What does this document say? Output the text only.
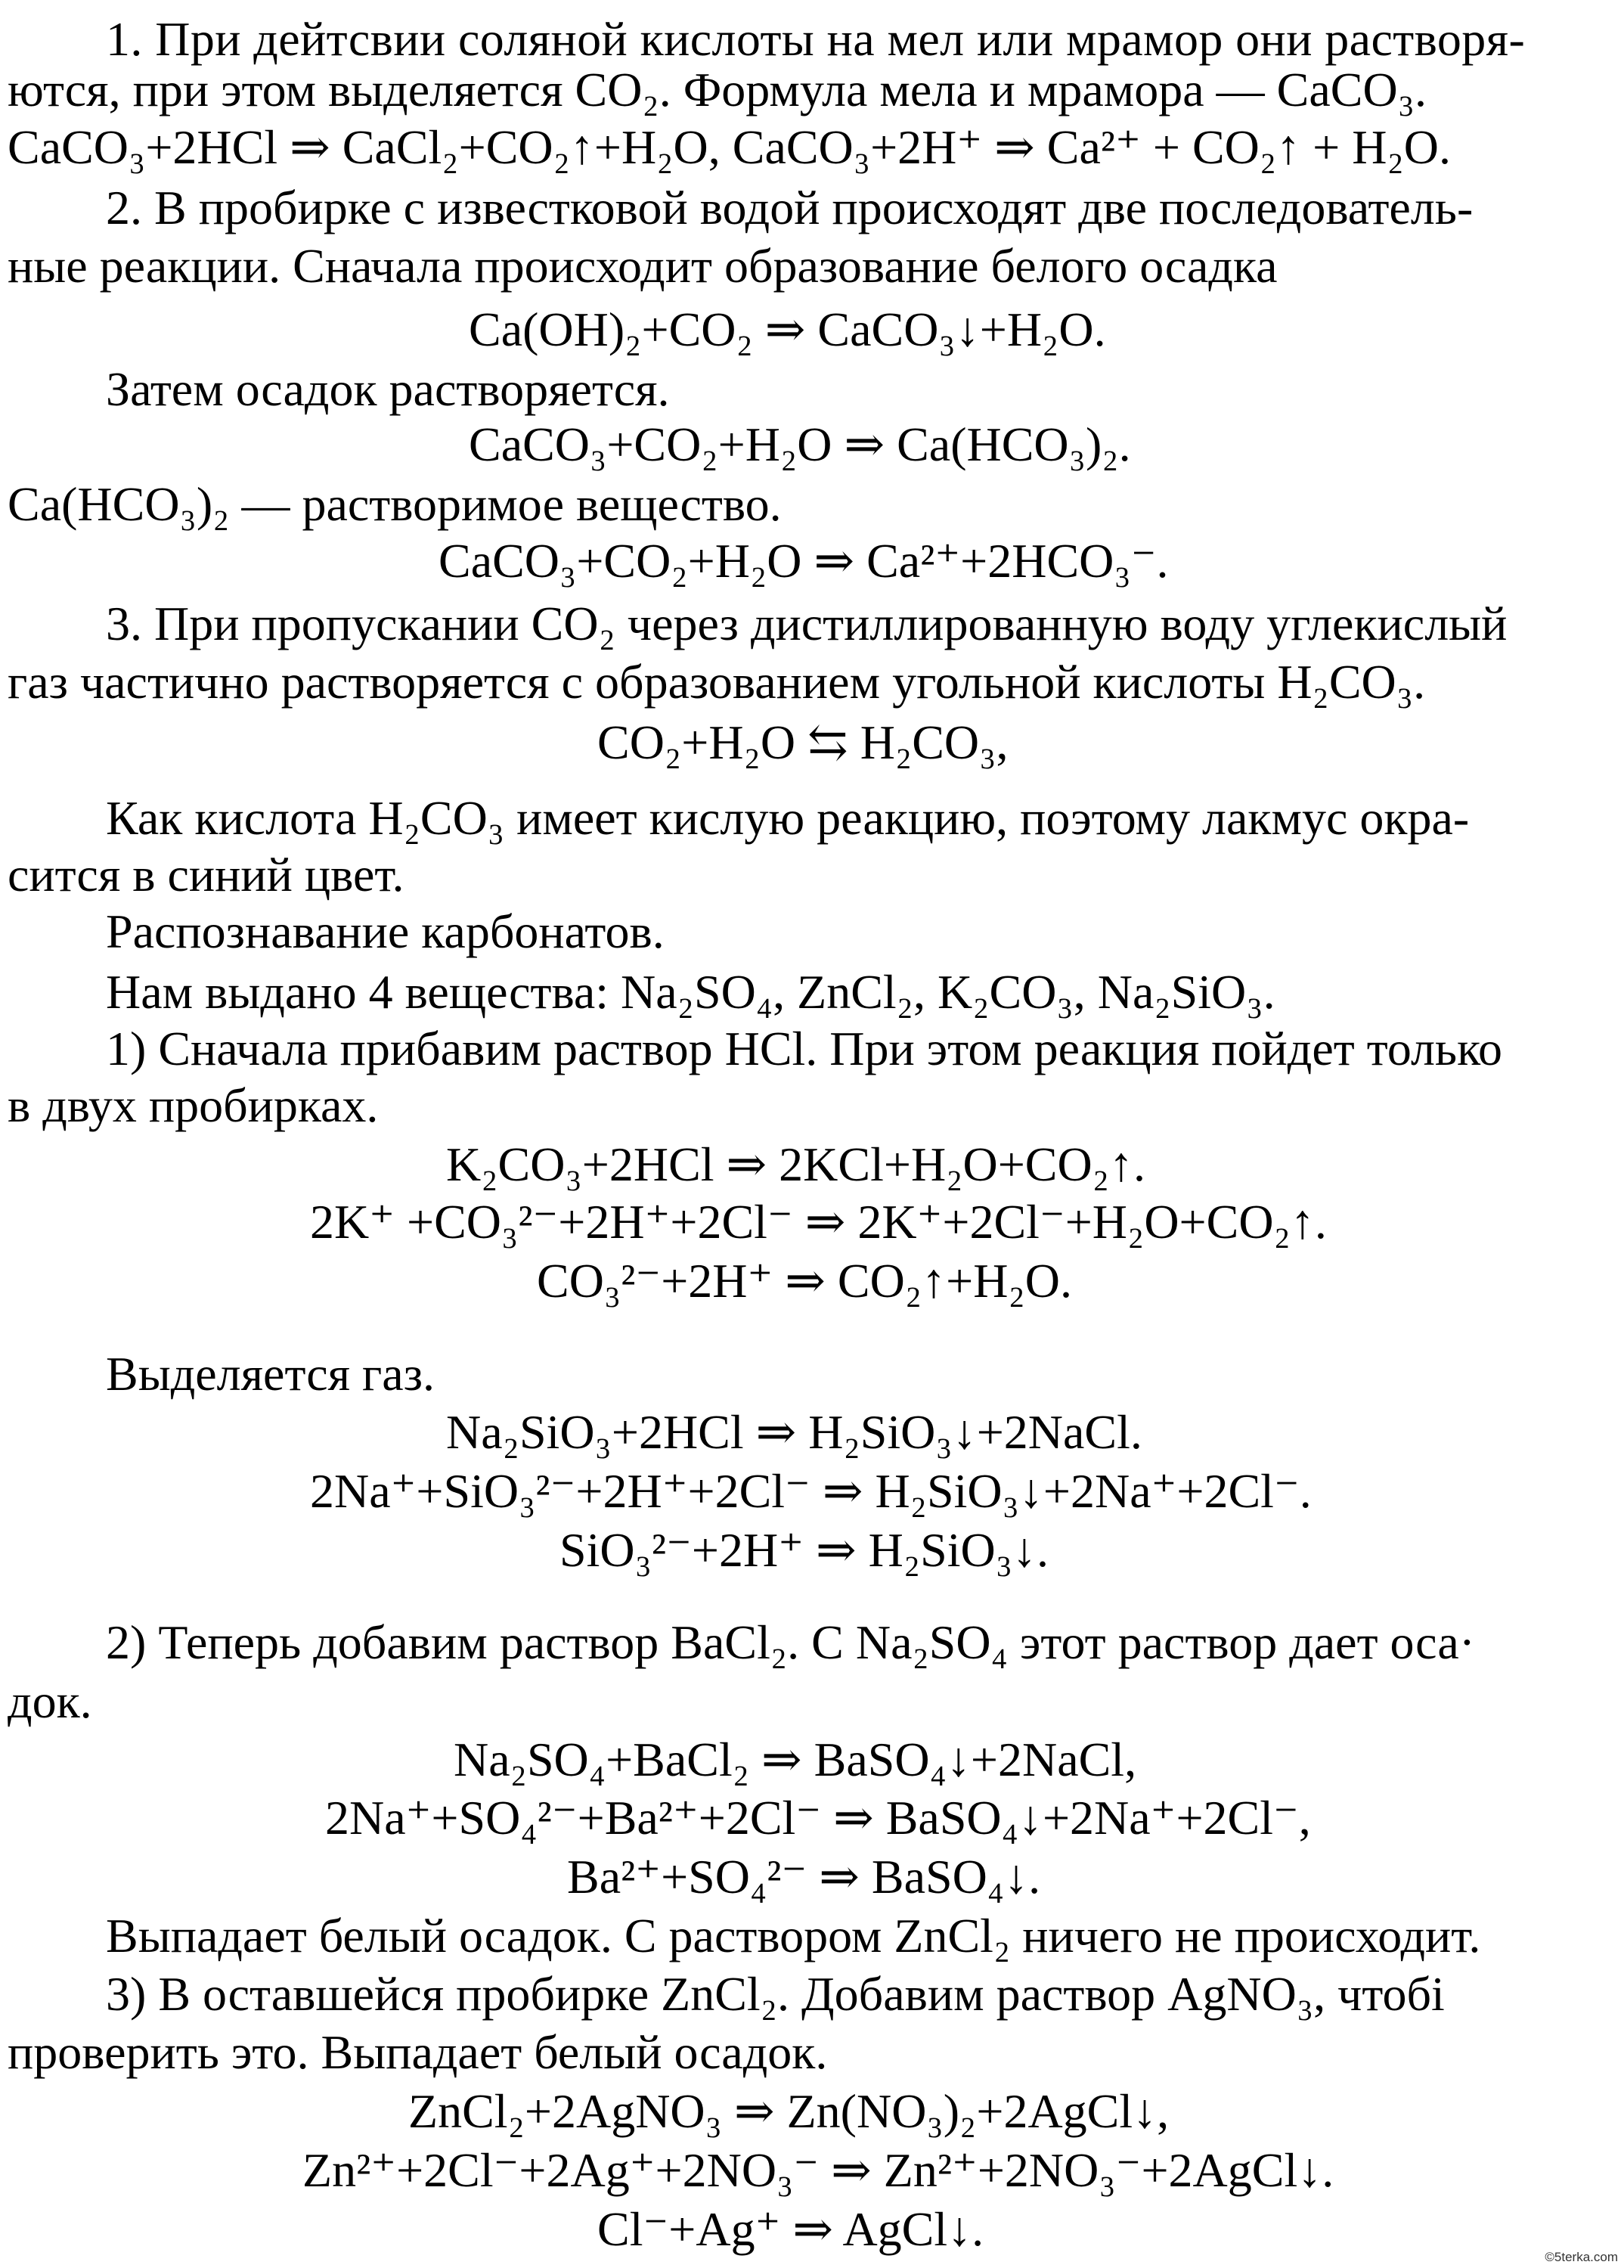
1. При дейтсвии соляной кислоты на мел или мрамор они растворя-
ются, при этом выделяется CO₂. Формула мела и мрамора — CaCO₃.
CaCO₃+2HCl ⇒ CaCl₂+CO₂↑+H₂O, CaCO₃+2H⁺ ⇒ Ca²⁺ + CO₂↑ + H₂O.
2. В пробирке с известковой водой происходят две последователь-
ные реакции. Сначала происходит образование белого осадка
Ca(OH)₂+CO₂ ⇒ CaCO₃↓+H₂O.
Затем осадок растворяется.
CaCO₃+CO₂+H₂O ⇒ Ca(HCO₃)₂.
Ca(HCO₃)₂ — растворимое вещество.
CaCO₃+CO₂+H₂O ⇒ Ca²⁺+2HCO₃⁻.
3. При пропускании CO₂ через дистиллированную воду углекислый
газ частично растворяется с образованием угольной кислоты H₂CO₃.
CO₂+H₂O ⇆ H₂CO₃,
Как кислота H₂CO₃ имеет кислую реакцию, поэтому лакмус окра-
сится в синий цвет.
Распознавание карбонатов.
Нам выдано 4 вещества: Na₂SO₄, ZnCl₂, K₂CO₃, Na₂SiO₃.
1) Сначала прибавим раствор HCl. При этом реакция пойдет только
в двух пробирках.
K₂CO₃+2HCl ⇒ 2KCl+H₂O+CO₂↑.
2K⁺ +CO₃²⁻+2H⁺+2Cl⁻ ⇒ 2K⁺+2Cl⁻+H₂O+CO₂↑.
CO₃²⁻+2H⁺ ⇒ CO₂↑+H₂O.
Выделяется газ.
Na₂SiO₃+2HCl ⇒ H₂SiO₃↓+2NaCl.
2Na⁺+SiO₃²⁻+2H⁺+2Cl⁻ ⇒ H₂SiO₃↓+2Na⁺+2Cl⁻.
SiO₃²⁻+2H⁺ ⇒ H₂SiO₃↓.
2) Теперь добавим раствор BaCl₂. С Na₂SO₄ этот раствор дает оса·
док.
Na₂SO₄+BaCl₂ ⇒ BaSO₄↓+2NaCl,
2Na⁺+SO₄²⁻+Ba²⁺+2Cl⁻ ⇒ BaSO₄↓+2Na⁺+2Cl⁻,
Ba²⁺+SO₄²⁻ ⇒ BaSO₄↓.
Выпадает белый осадок. С раствором ZnCl₂ ничего не происходит.
3) В оставшейся пробирке ZnCl₂. Добавим раствор AgNO₃, чтобі
проверить это. Выпадает белый осадок.
ZnCl₂+2AgNO₃ ⇒ Zn(NO₃)₂+2AgCl↓,
Zn²⁺+2Cl⁻+2Ag⁺+2NO₃⁻ ⇒ Zn²⁺+2NO₃⁻+2AgCl↓.
Cl⁻+Ag⁺ ⇒ AgCl↓.
©5terka.com
